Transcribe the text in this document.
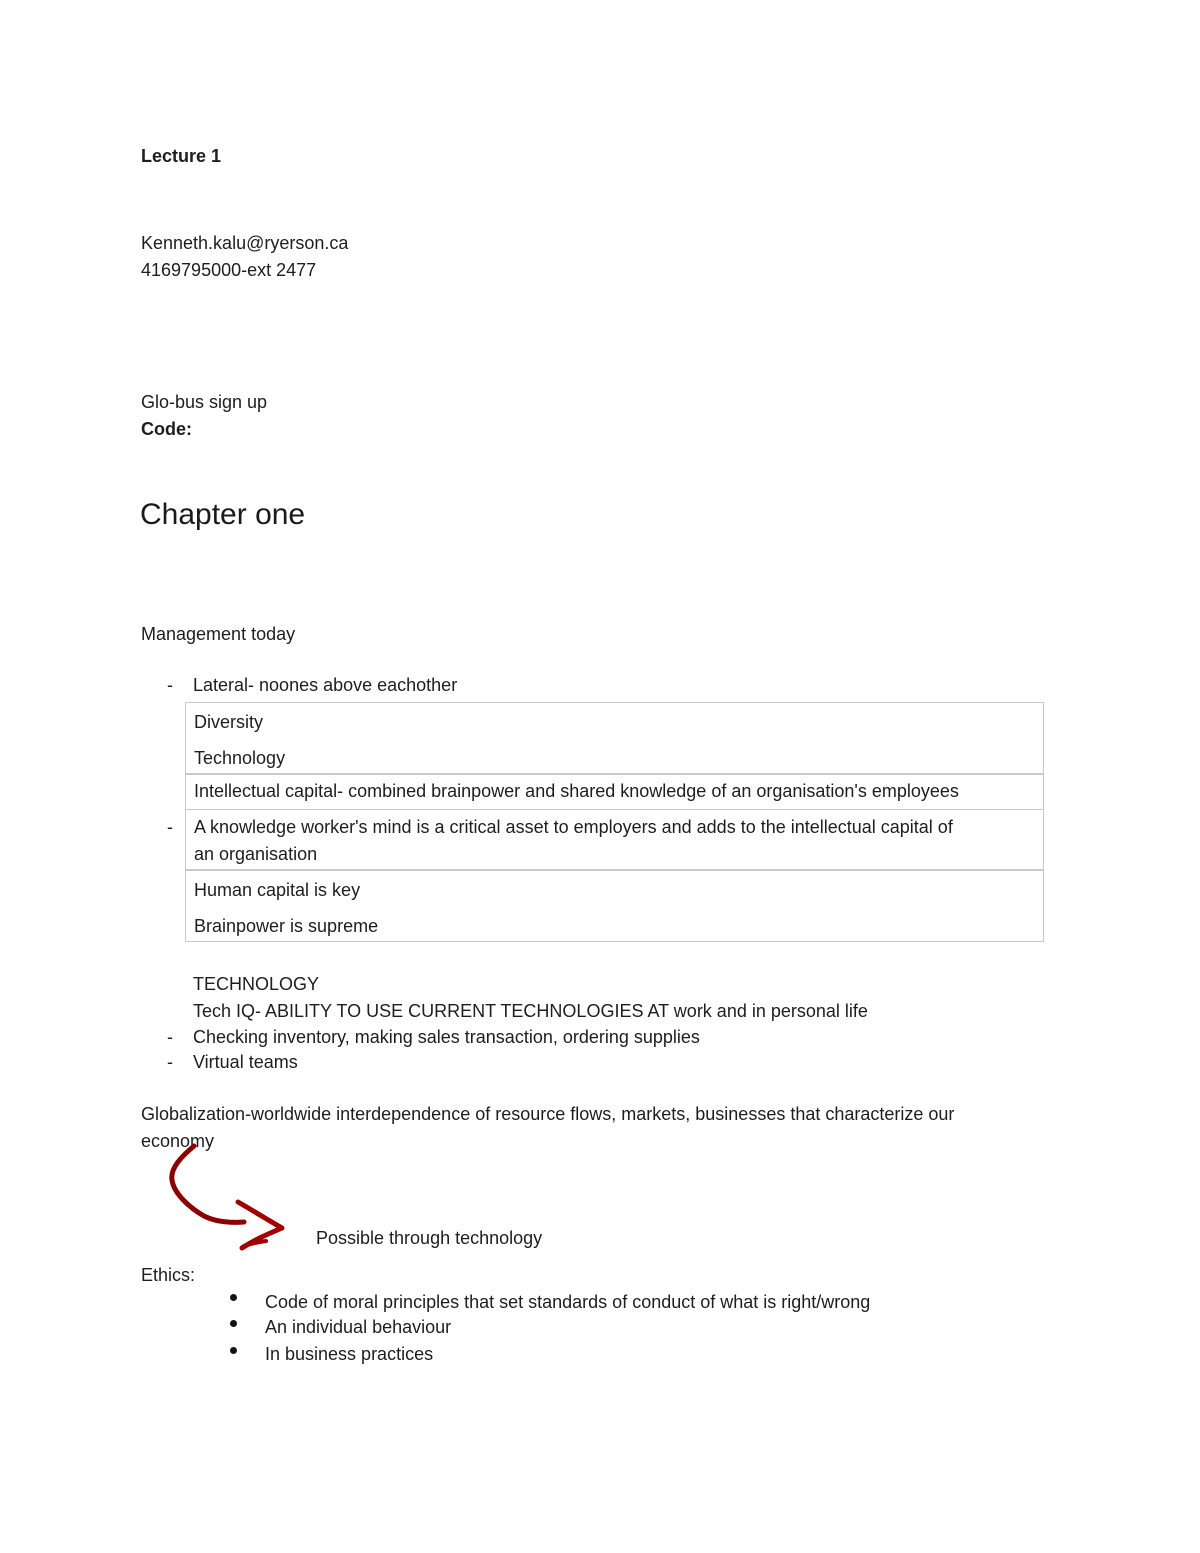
Lecture 1
Kenneth.kalu@ryerson.ca
4169795000-ext 2477
Glo-bus sign up
Code:
Chapter one
Management today
- Lateral- noones above eachother
Diversity
Technology
Intellectual capital- combined brainpower and shared knowledge of an organisation's employees
A knowledge worker's mind is a critical asset to employers and adds to the intellectual capital of
an organisation
-
Human capital is key
Brainpower is supreme
TECHNOLOGY
Tech IQ- ABILITY TO USE CURRENT TECHNOLOGIES AT work and in personal life
- Checking inventory, making sales transaction, ordering supplies
- Virtual teams
Globalization-worldwide interdependence of resource flows, markets, businesses that characterize our
economy
Possible through technology
Ethics:
Code of moral principles that set standards of conduct of what is right/wrong
An individual behaviour
In business practices
